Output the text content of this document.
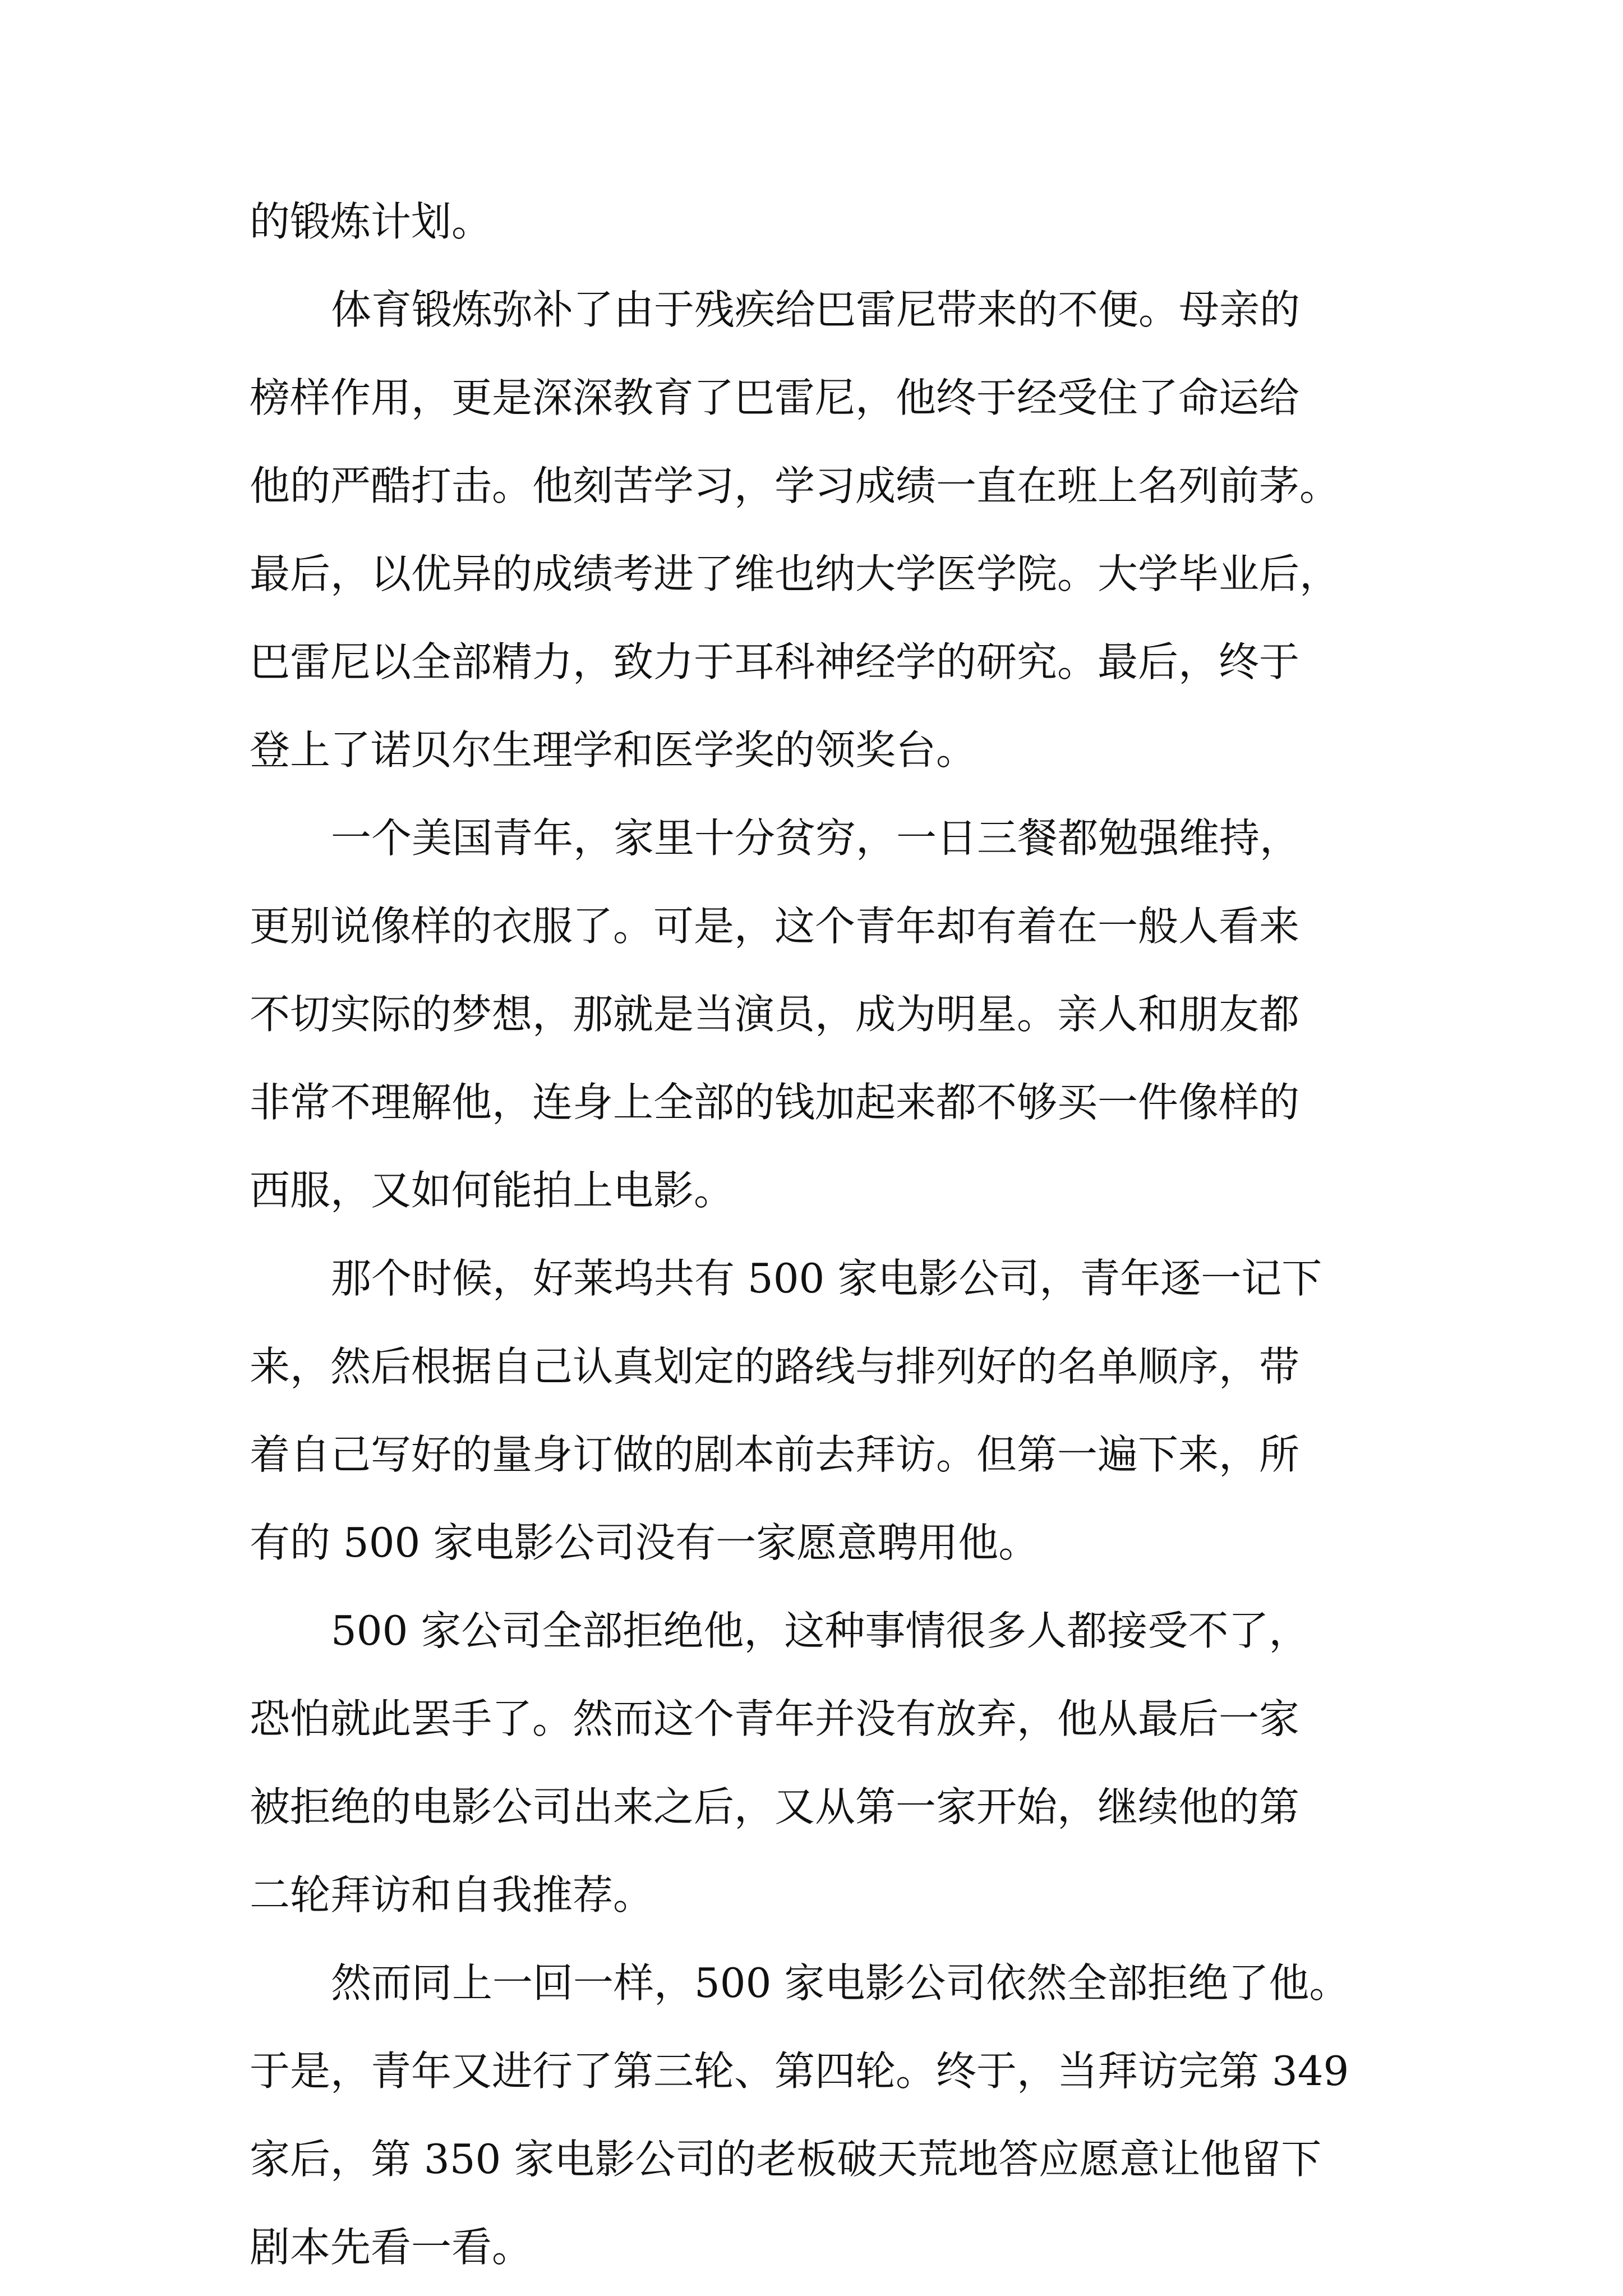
的锻炼计划。
体育锻炼弥补了由于残疾给巴雷尼带来的不便。母亲的
榜样作用，更是深深教育了巴雷尼，他终于经受住了命运给
他的严酷打击。他刻苦学习，学习成绩一直在班上名列前茅。
最后，以优异的成绩考进了维也纳大学医学院。大学毕业后，
巴雷尼以全部精力，致力于耳科神经学的研究。最后，终于
登上了诺贝尔生理学和医学奖的领奖台。
一个美国青年，家里十分贫穷，一日三餐都勉强维持，
更别说像样的衣服了。可是，这个青年却有着在一般人看来
不切实际的梦想，那就是当演员，成为明星。亲人和朋友都
非常不理解他，连身上全部的钱加起来都不够买一件像样的
西服，又如何能拍上电影。
那个时候，好莱坞共有 500 家电影公司，青年逐一记下
来，然后根据自己认真划定的路线与排列好的名单顺序，带
着自己写好的量身订做的剧本前去拜访。但第一遍下来，所
有的 500 家电影公司没有一家愿意聘用他。
500 家公司全部拒绝他，这种事情很多人都接受不了，
恐怕就此罢手了。然而这个青年并没有放弃，他从最后一家
被拒绝的电影公司出来之后，又从第一家开始，继续他的第
二轮拜访和自我推荐。
然而同上一回一样，500 家电影公司依然全部拒绝了他。
于是，青年又进行了第三轮、第四轮。终于，当拜访完第 349
家后，第 350 家电影公司的老板破天荒地答应愿意让他留下
剧本先看一看。
